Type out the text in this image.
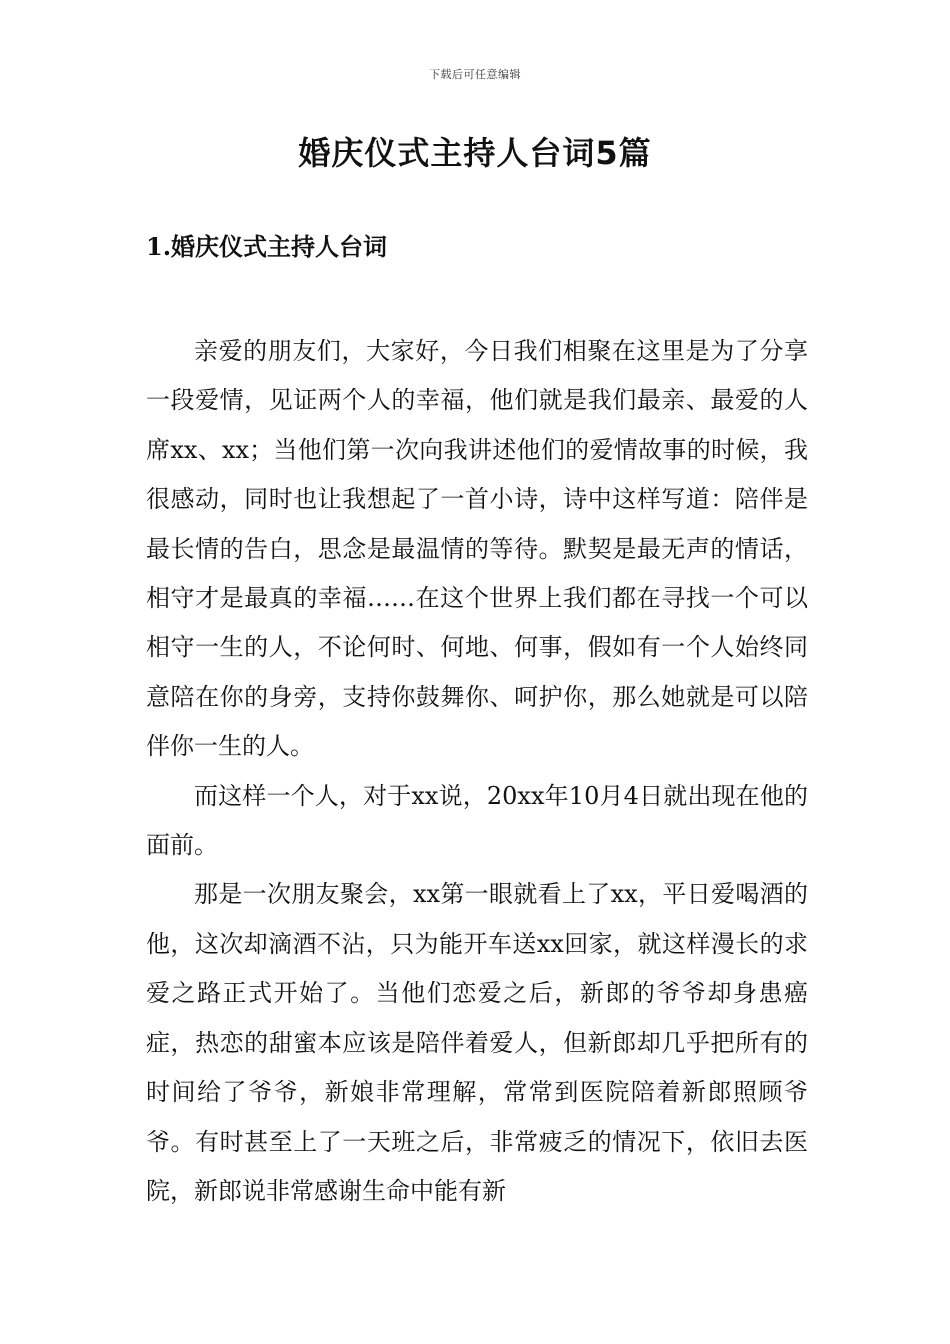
下载后可任意编辑
婚庆仪式主持人台词5篇
1.婚庆仪式主持人台词

亲爱的朋友们，大家好，今日我们相聚在这里是为了分享一段爱情，见证两个人的幸福，他们就是我们最亲、最爱的人席xx、xx；当他们第一次向我讲述他们的爱情故事的时候，我很感动，同时也让我想起了一首小诗，诗中这样写道：陪伴是最长情的告白，思念是最温情的等待。默契是最无声的情话，相守才是最真的幸福……在这个世界上我们都在寻找一个可以相守一生的人，不论何时、何地、何事，假如有一个人始终同意陪在你的身旁，支持你鼓舞你、呵护你，那么她就是可以陪伴你一生的人。

而这样一个人，对于xx说，20xx年10月4日就出现在他的面前。

那是一次朋友聚会，xx第一眼就看上了xx，平日爱喝酒的他，这次却滴酒不沾，只为能开车送xx回家，就这样漫长的求爱之路正式开始了。当他们恋爱之后，新郎的爷爷却身患癌症，热恋的甜蜜本应该是陪伴着爱人，但新郎却几乎把所有的时间给了爷爷，新娘非常理解，常常到医院陪着新郎照顾爷爷。有时甚至上了一天班之后，非常疲乏的情况下，依旧去医院，新郎说非常感谢生命中能有新
